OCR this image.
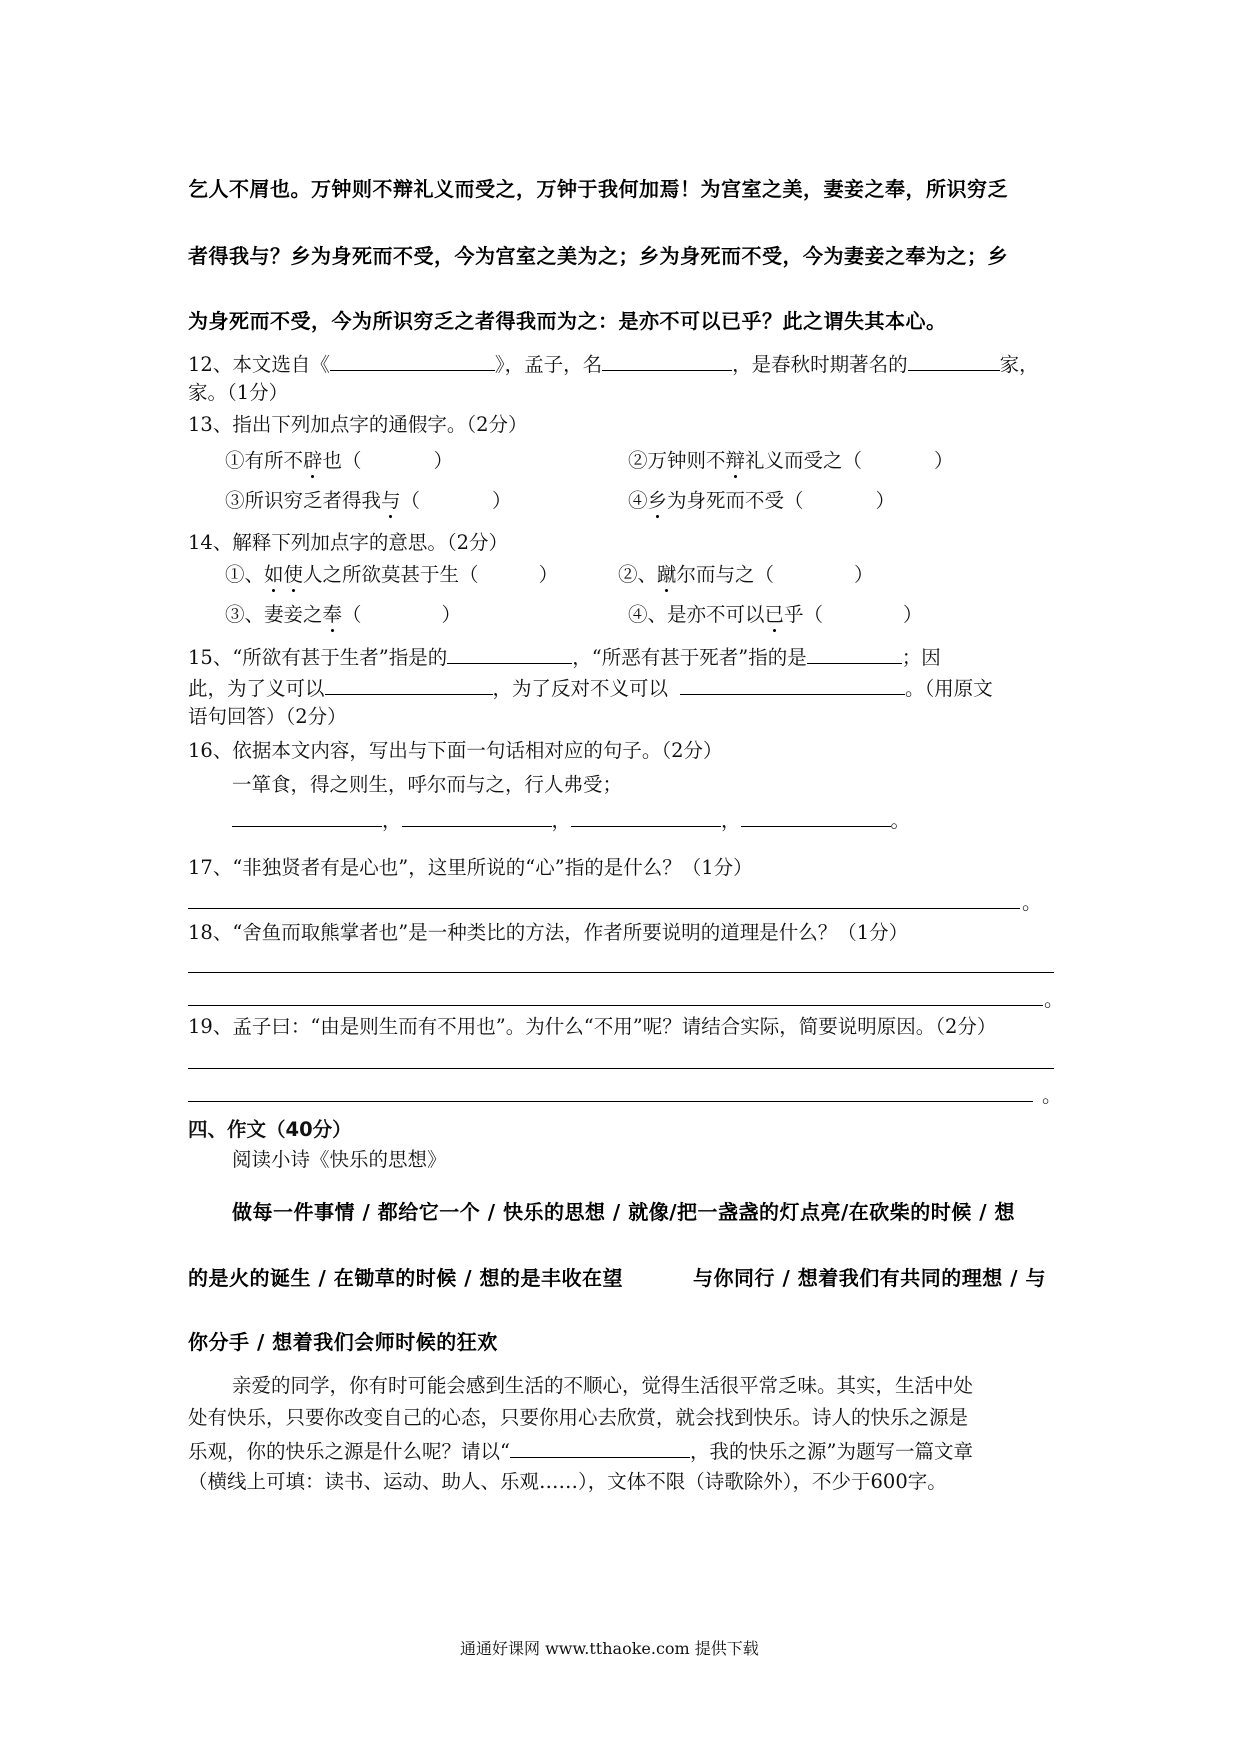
乞人不屑也。万钟则不辩礼义而受之，万钟于我何加焉！为宫室之美，妻妾之奉，所识穷乏
者得我与？乡为身死而不受，今为宫室之美为之；乡为身死而不受，今为妻妾之奉为之；乡
为身死而不受，今为所识穷乏之者得我而为之：是亦不可以已乎？此之谓失其本心。
12、本文选自《	》，孟子，名	，是春秋时期著名的	家，
家。（1分）
13、指出下列加点字的通假字。（2分）
①有所不辟也（	）	②万钟则不辩礼义而受之（	）
③所识穷乏者得我与（	）	④乡为身死而不受（	）
14、解释下列加点字的意思。（2分）
①、如使人之所欲莫甚于生（	）	②、蹴尔而与之（	）
③、妻妾之奉（	）	④、是亦不可以已乎（	）
15、“所欲有甚于生者”指是的	，“所恶有甚于死者”指的是	；因
此，为了义可以	，为了反对不义可以	。（用原文
语句回答）（2分）
16、依据本文内容，写出与下面一句话相对应的句子。（2分）
一箪食，得之则生，呼尔而与之，行人弗受；
，	，	，	。
17、“非独贤者有是心也”，这里所说的“心”指的是什么？（1分）
。
18、“舍鱼而取熊掌者也”是一种类比的方法，作者所要说明的道理是什么？（1分）
。
19、孟子曰：“由是则生而有不用也”。为什么“不用”呢？请结合实际，简要说明原因。（2分）
。
四、作文（40分）
阅读小诗《快乐的思想》
做每一件事情 / 都给它一个 / 快乐的思想 / 就像/把一盏盏的灯点亮/在砍柴的时候 / 想
的是火的诞生 / 在锄草的时候 / 想的是丰收在望	与你同行 / 想着我们有共同的理想 / 与
你分手 / 想着我们会师时候的狂欢
亲爱的同学，你有时可能会感到生活的不顺心，觉得生活很平常乏味。其实，生活中处
处有快乐，只要你改变自己的心态，只要你用心去欣赏，就会找到快乐。诗人的快乐之源是
乐观，你的快乐之源是什么呢？请以“	，我的快乐之源”为题写一篇文章
（横线上可填：读书、运动、助人、乐观……），文体不限（诗歌除外），不少于600字。
通通好课网 www.tthaoke.com 提供下载
